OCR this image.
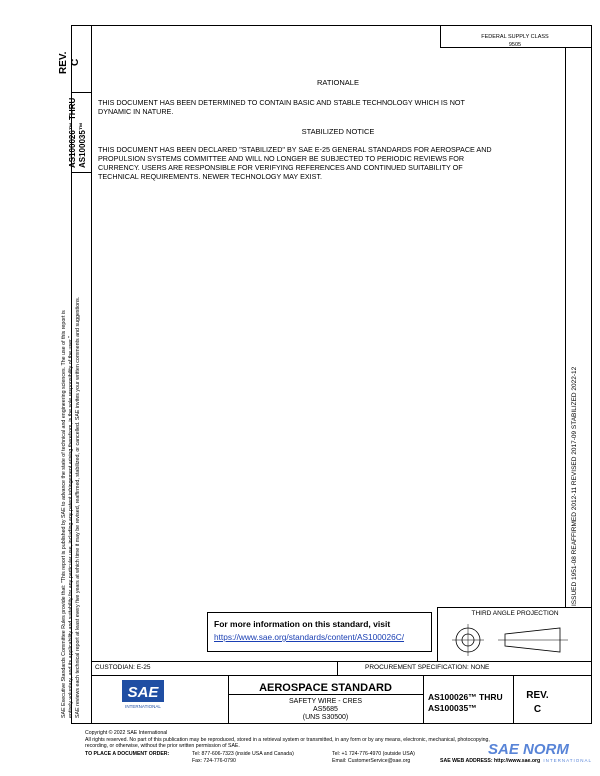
REV. C
AS100026™ THRU AS100035™
SAE Executive Standards Committee Rules provide that: "This report is published by SAE to advance the state of technical and engineering sciences. The use of this report is entirely voluntary, and its applicability and suitability for any particular use, including any patent infringement arising therefrom, is the sole responsibility of the user." SAE reviews each technical report at least every five years at which time it may be revised, reaffirmed, stabilized, or cancelled. SAE invites your written comments and suggestions.	ISSUED 1951-08 REAFFIRMED 2012-11 REVISED 2017-09 STABILIZED 2022-12
FEDERAL SUPPLY CLASS
9505
RATIONALE
THIS DOCUMENT HAS BEEN DETERMINED TO CONTAIN BASIC AND STABLE TECHNOLOGY WHICH IS NOT
DYNAMIC IN NATURE.
STABILIZED NOTICE
THIS DOCUMENT HAS BEEN DECLARED "STABILIZED" BY SAE E-25 GENERAL STANDARDS FOR AEROSPACE AND
PROPULSION SYSTEMS COMMITTEE AND WILL NO LONGER BE SUBJECTED TO PERIODIC REVIEWS FOR
CURRENCY. USERS ARE RESPONSIBLE FOR VERIFYING REFERENCES AND CONTINUED SUITABILITY OF
TECHNICAL REQUIREMENTS. NEWER TECHNOLOGY MAY EXIST.
For more information on this standard, visit
https://www.sae.org/standards/content/AS100026C/
THIRD ANGLE PROJECTION
CUSTODIAN: E-25	PROCUREMENT SPECIFICATION: NONE
SAE
INTERNATIONAL
AEROSPACE STANDARD
SAFETY WIRE - CRES
AS5685
(UNS S30500)
AS100026™ THRU
AS100035™
REV.
C
Copyright © 2022 SAE International
All rights reserved. No part of this publication may be reproduced, stored in a retrieval system or transmitted, in any form or by any means, electronic, mechanical, photocopying,
recording, or otherwise, without the prior written permission of SAE.
TO PLACE A DOCUMENT ORDER:	Tel: 877-606-7323 (inside USA and Canada)
Fax: 724-776-0790
Tel: +1 724-776-4970 (outside USA)
Email: CustomerService@sae.org	SAE WEB ADDRESS: http://www.sae.org
SAE NORM
INTERNATIONAL
